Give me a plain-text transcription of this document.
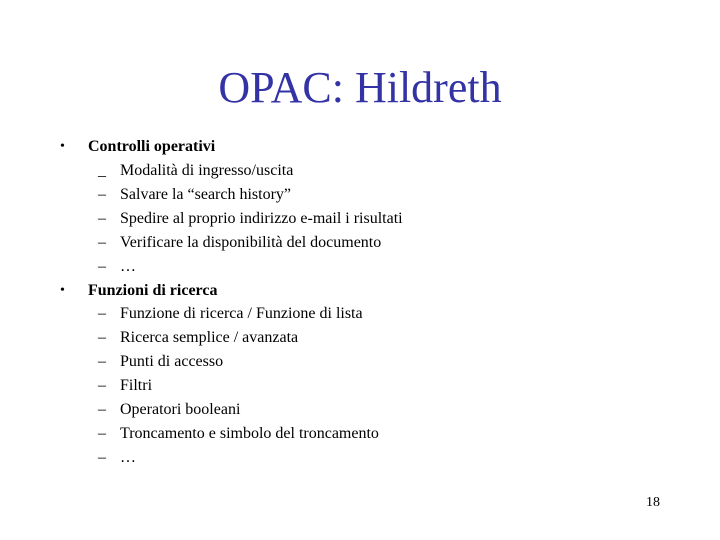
OPAC: Hildreth
• Controlli operativi
_ Modalità di ingresso/uscita
– Salvare la “search history”
– Spedire al proprio indirizzo e-mail i risultati
– Verificare la disponibilità del documento
– …
• Funzioni di ricerca
– Funzione di ricerca / Funzione di lista
– Ricerca semplice / avanzata
– Punti di accesso
– Filtri
– Operatori booleani
– Troncamento e simbolo del troncamento
– …
18
